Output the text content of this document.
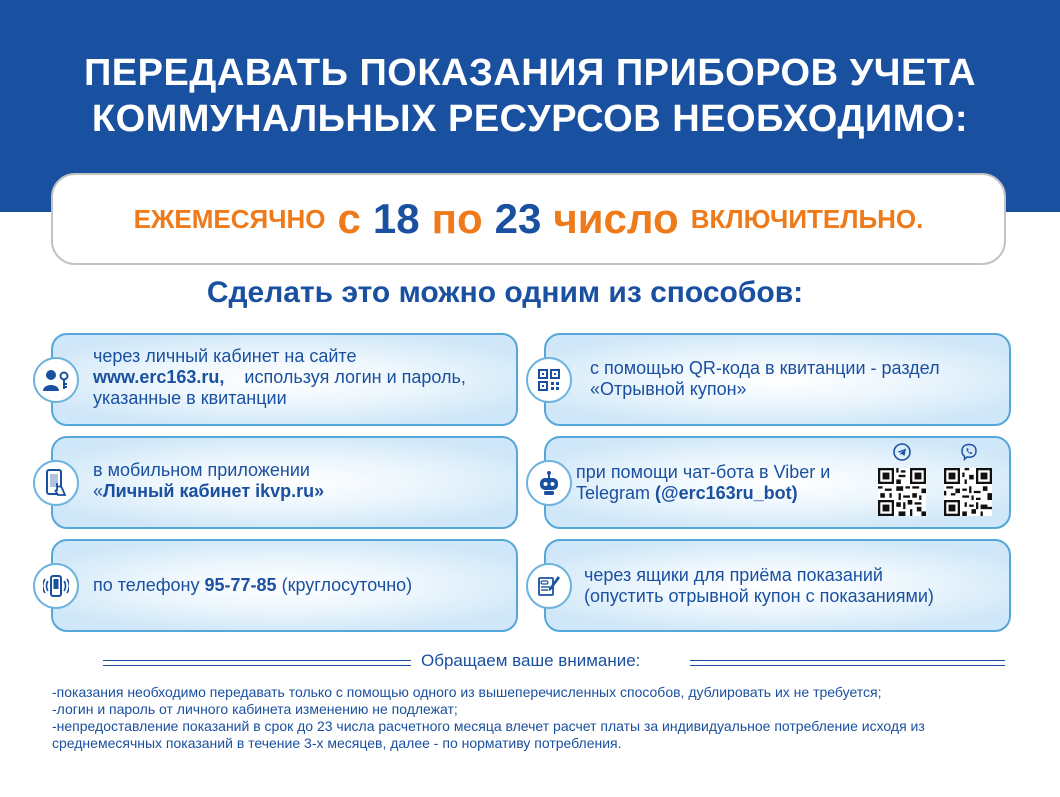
ПЕРЕДАВАТЬ ПОКАЗАНИЯ ПРИБОРОВ УЧЕТА
КОММУНАЛЬНЫХ РЕСУРСОВ НЕОБХОДИМО:
ЕЖЕМЕСЯЧНО с 18 по 23 число ВКЛЮЧИТЕЛЬНО.
Сделать это можно одним из способов:
через личный кабинет на сайте
www.erc163.ru, используя логин и пароль,
указанные в квитанции
с помощью QR-кода в квитанции - раздел
«Отрывной купон»
в мобильном приложении
«Личный кабинет ikvp.ru»
при помощи чат-бота в Viber и
Telegram (@erc163ru_bot)
по телефону 95-77-85 (круглосуточно)	через ящики для приёма показаний
(опустить отрывной купон с показаниями)
Обращаем ваше внимание:
-показания необходимо передавать только с помощью одного из вышеперечисленных способов, дублировать их не требуется;
-логин и пароль от личного кабинета изменению не подлежат;
-непредоставление показаний в срок до 23 числа расчетного месяца влечет расчет платы за индивидуальное потребление исходя из среднемесячных показаний в течение 3-х месяцев, далее - по нормативу потребления.
